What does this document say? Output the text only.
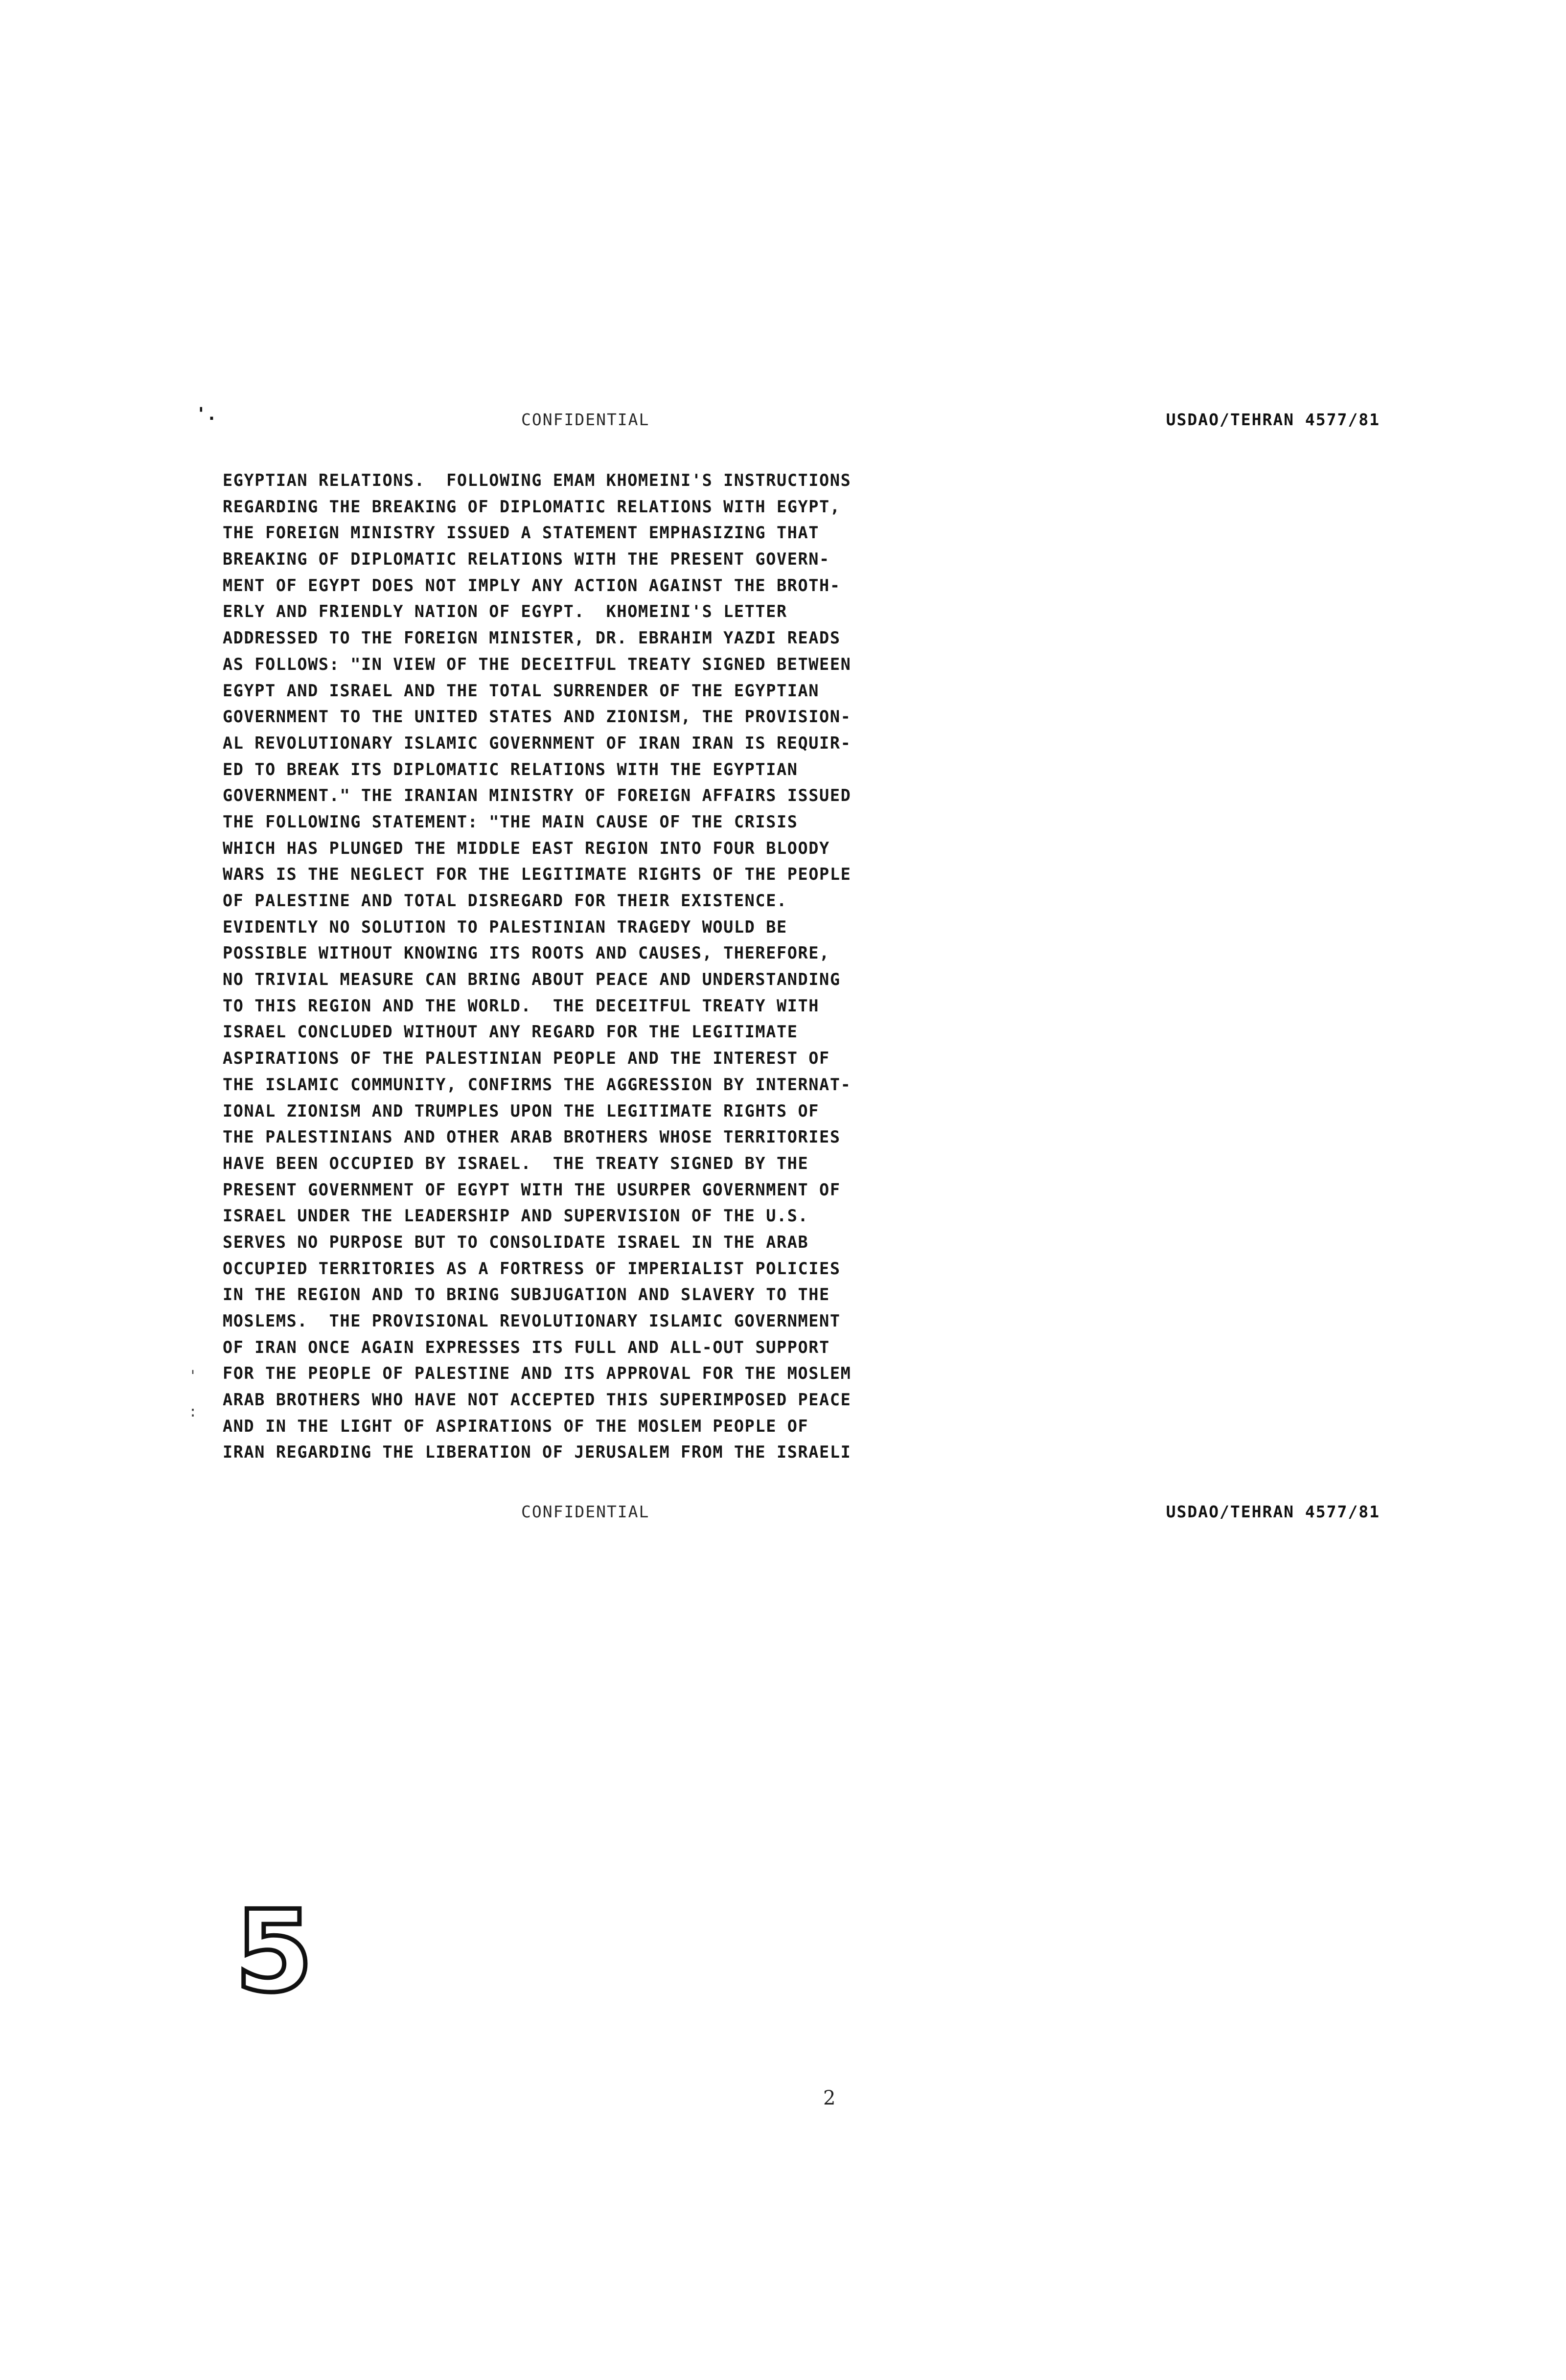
'.	CONFIDENTIAL	USDAO/TEHRAN 4577/81
EGYPTIAN RELATIONS.  FOLLOWING EMAM KHOMEINI'S INSTRUCTIONS
REGARDING THE BREAKING OF DIPLOMATIC RELATIONS WITH EGYPT,
THE FOREIGN MINISTRY ISSUED A STATEMENT EMPHASIZING THAT
BREAKING OF DIPLOMATIC RELATIONS WITH THE PRESENT GOVERN-
MENT OF EGYPT DOES NOT IMPLY ANY ACTION AGAINST THE BROTH-
ERLY AND FRIENDLY NATION OF EGYPT.  KHOMEINI'S LETTER
ADDRESSED TO THE FOREIGN MINISTER, DR. EBRAHIM YAZDI READS
AS FOLLOWS: "IN VIEW OF THE DECEITFUL TREATY SIGNED BETWEEN
EGYPT AND ISRAEL AND THE TOTAL SURRENDER OF THE EGYPTIAN
GOVERNMENT TO THE UNITED STATES AND ZIONISM, THE PROVISION-
AL REVOLUTIONARY ISLAMIC GOVERNMENT OF IRAN IRAN IS REQUIR-
ED TO BREAK ITS DIPLOMATIC RELATIONS WITH THE EGYPTIAN
GOVERNMENT." THE IRANIAN MINISTRY OF FOREIGN AFFAIRS ISSUED
THE FOLLOWING STATEMENT: "THE MAIN CAUSE OF THE CRISIS
WHICH HAS PLUNGED THE MIDDLE EAST REGION INTO FOUR BLOODY
WARS IS THE NEGLECT FOR THE LEGITIMATE RIGHTS OF THE PEOPLE
OF PALESTINE AND TOTAL DISREGARD FOR THEIR EXISTENCE.
EVIDENTLY NO SOLUTION TO PALESTINIAN TRAGEDY WOULD BE
POSSIBLE WITHOUT KNOWING ITS ROOTS AND CAUSES, THEREFORE,
NO TRIVIAL MEASURE CAN BRING ABOUT PEACE AND UNDERSTANDING
TO THIS REGION AND THE WORLD.  THE DECEITFUL TREATY WITH
ISRAEL CONCLUDED WITHOUT ANY REGARD FOR THE LEGITIMATE
ASPIRATIONS OF THE PALESTINIAN PEOPLE AND THE INTEREST OF
THE ISLAMIC COMMUNITY, CONFIRMS THE AGGRESSION BY INTERNAT-
IONAL ZIONISM AND TRUMPLES UPON THE LEGITIMATE RIGHTS OF
THE PALESTINIANS AND OTHER ARAB BROTHERS WHOSE TERRITORIES
HAVE BEEN OCCUPIED BY ISRAEL.  THE TREATY SIGNED BY THE
PRESENT GOVERNMENT OF EGYPT WITH THE USURPER GOVERNMENT OF
ISRAEL UNDER THE LEADERSHIP AND SUPERVISION OF THE U.S.
SERVES NO PURPOSE BUT TO CONSOLIDATE ISRAEL IN THE ARAB
OCCUPIED TERRITORIES AS A FORTRESS OF IMPERIALIST POLICIES
IN THE REGION AND TO BRING SUBJUGATION AND SLAVERY TO THE
MOSLEMS.  THE PROVISIONAL REVOLUTIONARY ISLAMIC GOVERNMENT
OF IRAN ONCE AGAIN EXPRESSES ITS FULL AND ALL-OUT SUPPORT
FOR THE PEOPLE OF PALESTINE AND ITS APPROVAL FOR THE MOSLEM
ARAB BROTHERS WHO HAVE NOT ACCEPTED THIS SUPERIMPOSED PEACE
AND IN THE LIGHT OF ASPIRATIONS OF THE MOSLEM PEOPLE OF
IRAN REGARDING THE LIBERATION OF JERUSALEM FROM THE ISRAELI
'
:
CONFIDENTIAL	USDAO/TEHRAN 4577/81
5
2
